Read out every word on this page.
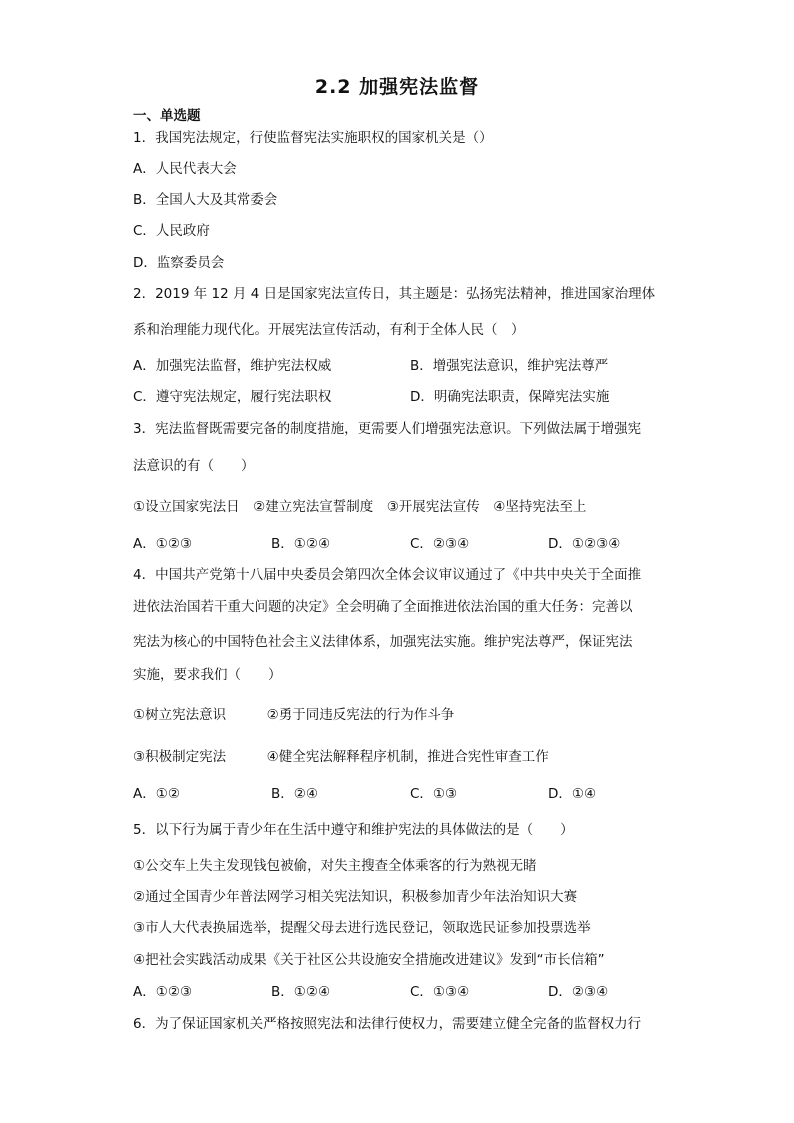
2.2 加强宪法监督
一、单选题
1．我国宪法规定，行使监督宪法实施职权的国家机关是（）
A．人民代表大会
B．全国人大及其常委会
C．人民政府
D．监察委员会
2．2019 年 12 月 4 日是国家宪法宣传日，其主题是：弘扬宪法精神，推进国家治理体
系和治理能力现代化。开展宪法宣传活动，有利于全体人民（　）
A．加强宪法监督，维护宪法权威	B．增强宪法意识，维护宪法尊严
C．遵守宪法规定，履行宪法职权	D．明确宪法职责，保障宪法实施
3．宪法监督既需要完备的制度措施，更需要人们增强宪法意识。下列做法属于增强宪
法意识的有（　　）
①设立国家宪法日　②建立宪法宣誓制度　③开展宪法宣传　④坚持宪法至上
A．①②③	B．①②④	C．②③④	D．①②③④
4．中国共产党第十八届中央委员会第四次全体会议审议通过了《中共中央关于全面推
进依法治国若干重大问题的决定》全会明确了全面推进依法治国的重大任务：完善以
宪法为核心的中国特色社会主义法律体系，加强宪法实施。维护宪法尊严，保证宪法
实施，要求我们（　　）
①树立宪法意识　　　②勇于同违反宪法的行为作斗争
③积极制定宪法　　　④健全宪法解释程序机制，推进合宪性审查工作
A．①②	B．②④	C．①③	D．①④
5．以下行为属于青少年在生活中遵守和维护宪法的具体做法的是（　　）
①公交车上失主发现钱包被偷，对失主搜查全体乘客的行为熟视无睹
②通过全国青少年普法网学习相关宪法知识，积极参加青少年法治知识大赛
③市人大代表换届选举，提醒父母去进行选民登记，领取选民证参加投票选举
④把社会实践活动成果《关于社区公共设施安全措施改进建议》发到“市长信箱”
A．①②③	B．①②④	C．①③④	D．②③④
6．为了保证国家机关严格按照宪法和法律行使权力，需要建立健全完备的监督权力行
